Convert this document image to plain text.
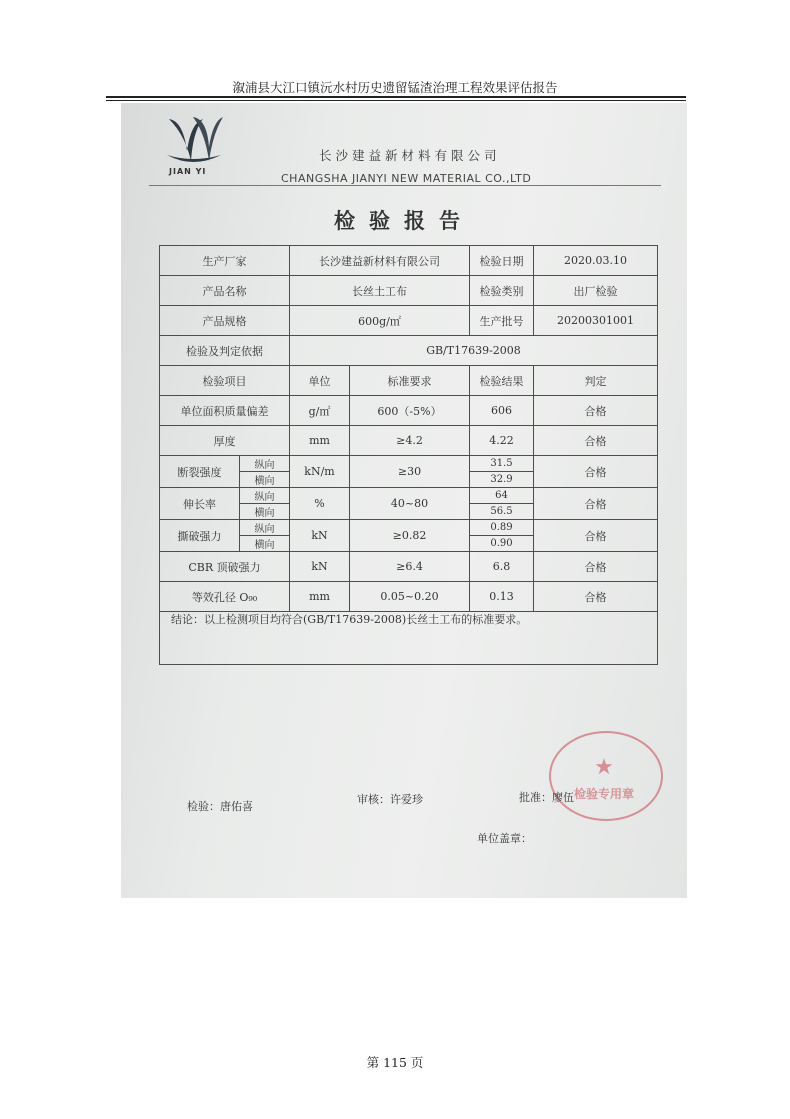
溆浦县大江口镇沅水村历史遗留锰渣治理工程效果评估报告
JIAN YI
长沙建益新材料有限公司
CHANGSHA JIANYI NEW MATERIAL CO.,LTD
检验报告
生产厂家		长沙建益新材料有限公司		检验日期	2020.03.10
产品名称		长丝土工布		检验类别	出厂检验
产品规格		600g/㎡		生产批号	20200301001
检验及判定依据		GB/T17639-2008			
检验项目		单位	标准要求	检验结果	判定
单位面积质量偏差		g/㎡	600（-5%）	606	合格
厚度		mm	≥4.2	4.22	合格
断裂强度	纵向	kN/m	≥30	31.5	合格
	横向			32.9	
伸长率	纵向	%	40~80	64	合格
	横向			56.5	
撕破强力	纵向	kN	≥0.82	0.89	合格
	横向			0.90	
CBR 顶破强力		kN	≥6.4	6.8	合格
等效孔径 O₉₀		mm	0.05~0.20	0.13	合格

结论：以上检测项目均符合(GB/T17639-2008)长丝土工布的标准要求。
★
检验专用章
检验：唐佑喜
审核：许爱珍	批准：廖伍
单位盖章：
第 115 页
